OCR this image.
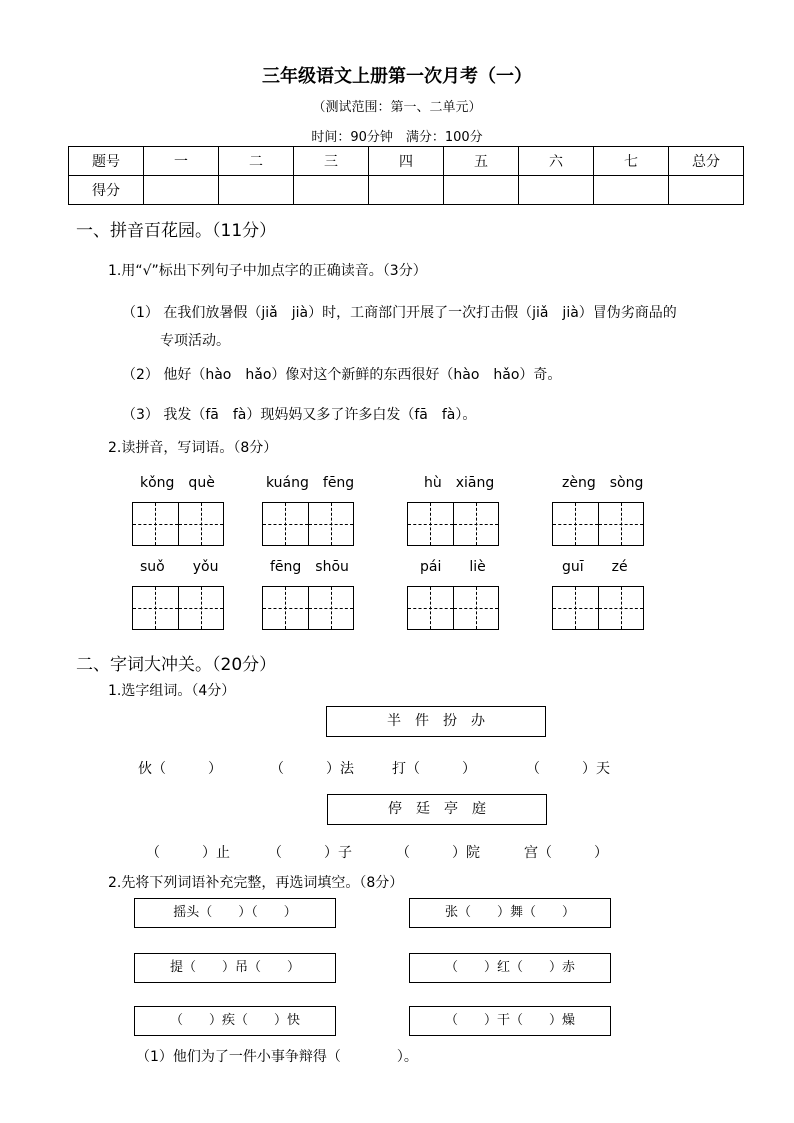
三年级语文上册第一次月考（一）
（测试范围：第一、二单元）
时间：90分钟　满分：100分
题号	一	二	三	四	五	六	七	总分
得分								
一、拼音百花园。（11分）
1.用“√”标出下列句子中加点字的正确读音。（3分）
（1） 在我们放暑假（jiǎ　jià）时，工商部门开展了一次打击假（jiǎ　jià）冒伪劣商品的
专项活动。
（2） 他好（hào　hǎo）像对这个新鲜的东西很好（hào　hǎo）奇。
（3） 我发（fā　fà）现妈妈又多了许多白发（fā　fà）。
2.读拼音，写词语。（8分）
kǒng　què	kuáng　fēng	hù　xiāng	zèng　sòng
suǒ　　yǒu	fēng　shōu	pái　　liè	guī　　zé
二、字词大冲关。（20分）
1.选字组词。（4分）
半　件　扮　办
伙（　　　）	（　　　）法	打（　　　）	（　　　）天
停　廷　亭　庭
（　　　）止	（　　　）子	（　　　）院	宫（　　　）
2.先将下列词语补充完整，再选词填空。（8分）
摇头（　　）（　　）	张（　　）舞（　　）
提（　　）吊（　　）	（　　）红（　　）赤
（　　）疾（　　）快	（　　）干（　　）燥
（1）他们为了一件小事争辩得（　　　　）。
